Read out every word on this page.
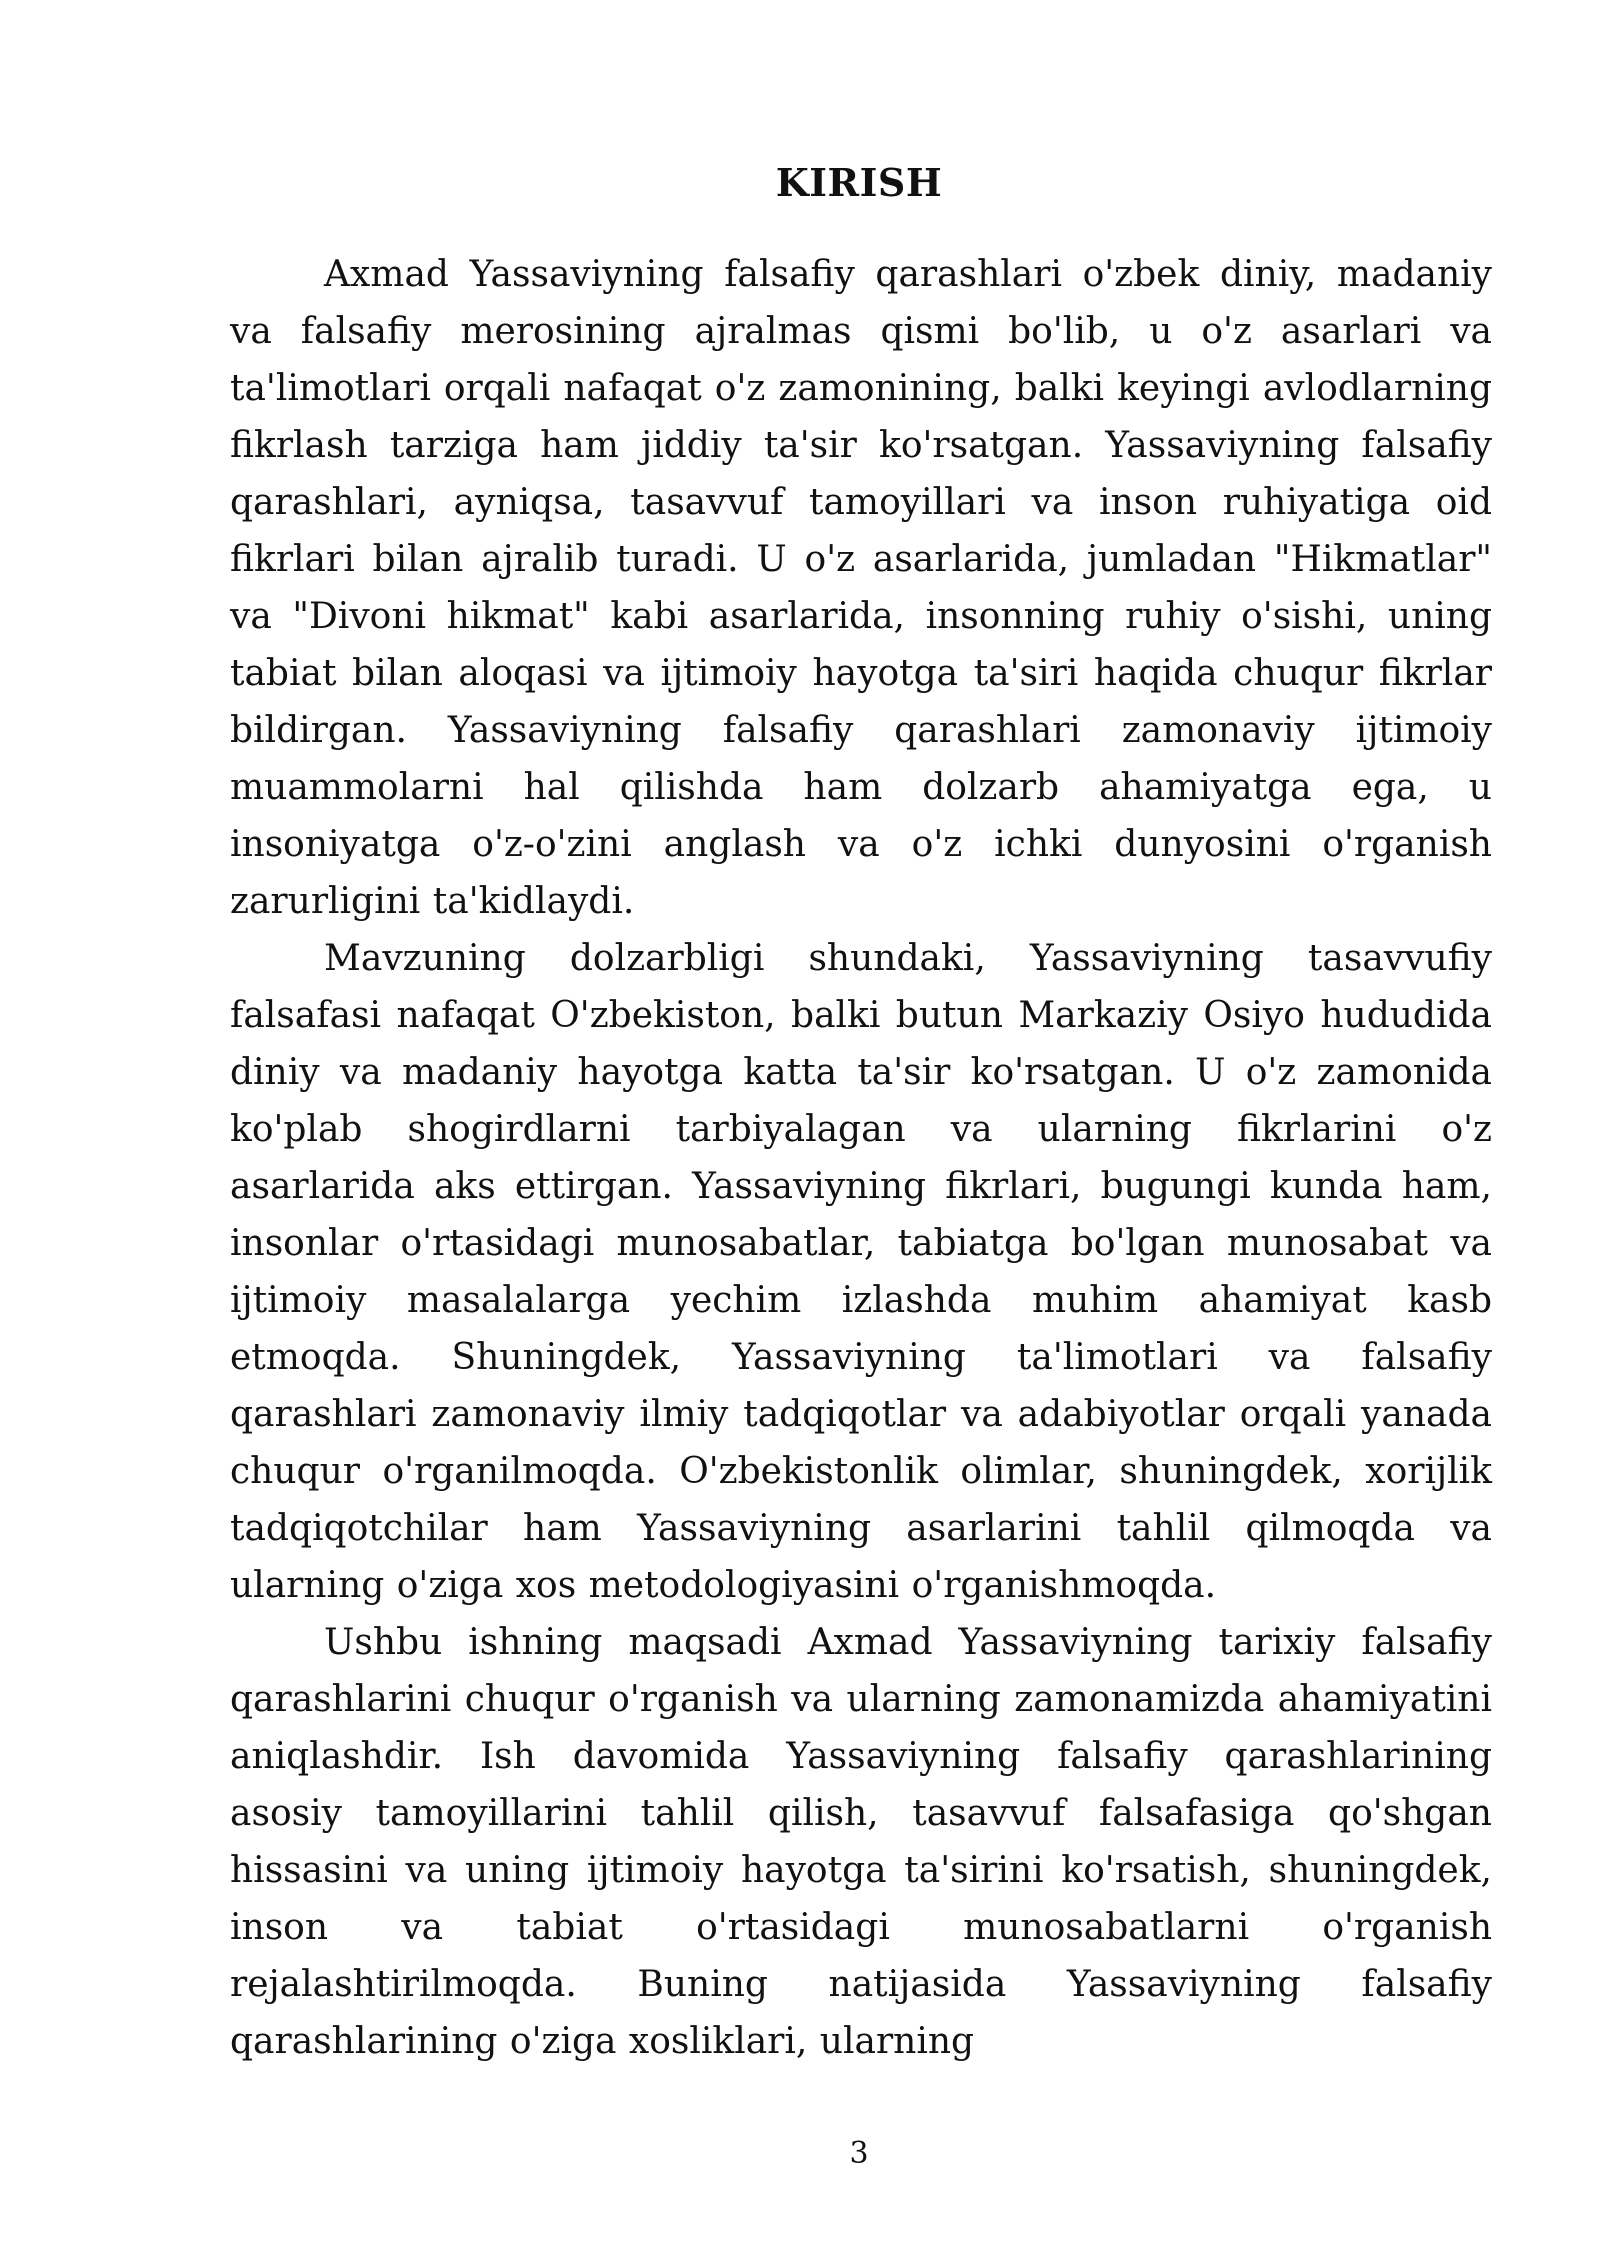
KIRISH

Axmad Yassaviyning falsafiy qarashlari o'zbek diniy, madaniy va falsafiy merosining ajralmas qismi bo'lib, u o'z asarlari va ta'limotlari orqali nafaqat o'z zamonining, balki keyingi avlodlarning fikrlash tarziga ham jiddiy ta'sir ko'rsatgan. Yassaviyning falsafiy qarashlari, ayniqsa, tasavvuf tamoyillari va inson ruhiyatiga oid fikrlari bilan ajralib turadi. U o'z asarlarida, jumladan "Hikmatlar" va "Divoni hikmat" kabi asarlarida, insonning ruhiy o'sishi, uning tabiat bilan aloqasi va ijtimoiy hayotga ta'siri haqida chuqur fikrlar bildirgan. Yassaviyning falsafiy qarashlari zamonaviy ijtimoiy muammolarni hal qilishda ham dolzarb ahamiyatga ega, u insoniyatga o'z-o'zini anglash va o'z ichki dunyosini o'rganish zarurligini ta'kidlaydi.

Mavzuning dolzarbligi shundaki, Yassaviyning tasavvufiy falsafasi nafaqat O'zbekiston, balki butun Markaziy Osiyo hududida diniy va madaniy hayotga katta ta'sir ko'rsatgan. U o'z zamonida ko'plab shogirdlarni tarbiyalagan va ularning fikrlarini o'z asarlarida aks ettirgan. Yassaviyning fikrlari, bugungi kunda ham, insonlar o'rtasidagi munosabatlar, tabiatga bo'lgan munosabat va ijtimoiy masalalarga yechim izlashda muhim ahamiyat kasb etmoqda. Shuningdek, Yassaviyning ta'limotlari va falsafiy qarashlari zamonaviy ilmiy tadqiqotlar va adabiyotlar orqali yanada chuqur o'rganilmoqda. O'zbekistonlik olimlar, shuningdek, xorijlik tadqiqotchilar ham Yassaviyning asarlarini tahlil qilmoqda va ularning o'ziga xos metodologiyasini o'rganishmoqda.

Ushbu ishning maqsadi Axmad Yassaviyning tarixiy falsafiy qarashlarini chuqur o'rganish va ularning zamonamizda ahamiyatini aniqlashdir. Ish davomida Yassaviyning falsafiy qarashlarining asosiy tamoyillarini tahlil qilish, tasavvuf falsafasiga qo'shgan hissasini va uning ijtimoiy hayotga ta'sirini ko'rsatish, shuningdek, inson va tabiat o'rtasidagi munosabatlarni o'rganish rejalashtirilmoqda. Buning natijasida Yassaviyning falsafiy qarashlarining o'ziga xosliklari, ularning

3
